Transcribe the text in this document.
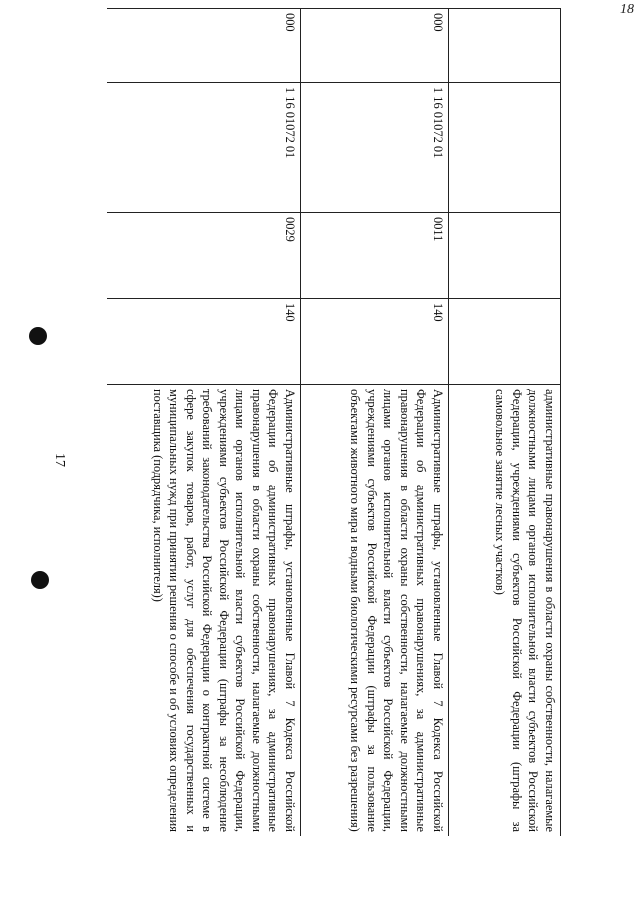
18
17
					административные правонарушения в области охраны собственности, налагаемые должностными лицами органов исполнительной власти субъектов Российской Федерации, учреждениями субъектов Российской Федерации (штрафы за самовольное занятие лесных участков)
000	1 16 01072 01	0011	140	Административные штрафы, установленные Главой 7 Кодекса Российской Федерации об административных правонарушениях, за административные правонарушения в области охраны собственности, налагаемые должностными лицами органов исполнительной власти субъектов Российской Федерации, учреждениями субъектов Российской Федерации (штрафы за пользование объектами животного мира и водными биологическими ресурсами без разрешения)
000	1 16 01072 01	0029	140	Административные штрафы, установленные Главой 7 Кодекса Российской Федерации об административных правонарушениях, за административные правонарушения в области охраны собственности, налагаемые должностными лицами органов исполнительной власти субъектов Российской Федерации, учреждениями субъектов Российской Федерации (штрафы за несоблюдение требований законодательства Российской Федерации о контрактной системе в сфере закупок товаров, работ, услуг для обеспечения государственных и муниципальных нужд при принятии решения о способе и об условиях определения поставщика (подрядчика, исполнителя))
